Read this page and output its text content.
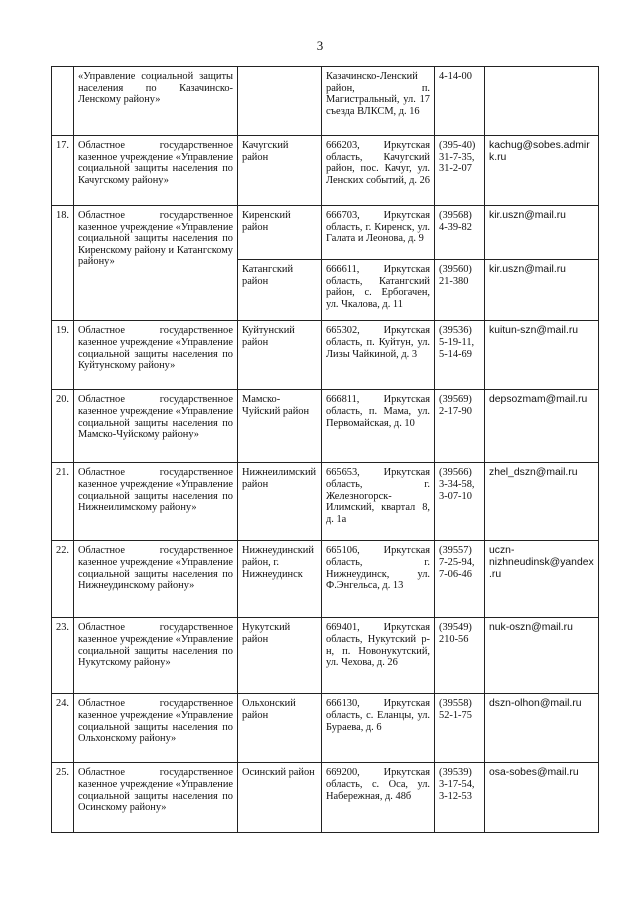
3
	«Управление социальной защиты населения по Казачинско-Ленскому району»		Казачинско-Ленский район, п. Магистральный, ул. 17 съезда ВЛКСМ, д. 16	4-14-00	
17.	Областное государственное казенное учреждение «Управление социальной защиты населения по Качугскому району»	Качугский район	666203, Иркутская область, Качугский район, пос. Качуг, ул. Ленских событий, д. 26	(395-40) 31-7-35, 31-2-07	kachug@sobes.admirk.ru
18.	Областное государственное казенное учреждение «Управление социальной защиты населения по Киренскому району и Катангскому району»	Киренский район	666703, Иркутская область, г. Киренск, ул. Галата и Леонова, д. 9	(39568) 4-39-82	kir.uszn@mail.ru
		Катангский район	666611, Иркутская область, Катангский район, с. Ербогачен, ул. Чкалова, д. 11	(39560) 21-380	kir.uszn@mail.ru
19.	Областное государственное казенное учреждение «Управление социальной защиты населения по Куйтунскому району»	Куйтунский район	665302, Иркутская область, п. Куйтун, ул. Лизы Чайкиной, д. 3	(39536) 5-19-11, 5-14-69	kuitun-szn@mail.ru
20.	Областное государственное казенное учреждение «Управление социальной защиты населения по Мамско-Чуйскому району»	Мамско-Чуйский район	666811, Иркутская область, п. Мама, ул. Первомайская, д. 10	(39569) 2-17-90	depsozmam@mail.ru
21.	Областное государственное казенное учреждение «Управление социальной защиты населения по Нижнеилимскому району»	Нижнеилимский район	665653, Иркутская область, г. Железногорск-Илимский, квартал 8, д. 1а	(39566) 3-34-58, 3-07-10	zhel_dszn@mail.ru
22.	Областное государственное казенное учреждение «Управление социальной защиты населения по Нижнеудинскому району»	Нижнеудинский район, г. Нижнеудинск	665106, Иркутская область, г. Нижнеудинск, ул. Ф.Энгельса, д. 13	(39557) 7-25-94, 7-06-46	uczn-nizhneudinsk@yandex.ru
23.	Областное государственное казенное учреждение «Управление социальной защиты населения по Нукутскому району»	Нукутский район	669401, Иркутская область, Нукутский р-н, п. Новонукутский, ул. Чехова, д. 26	(39549) 210-56	nuk-oszn@mail.ru
24.	Областное государственное казенное учреждение «Управление социальной защиты населения по Ольхонскому району»	Ольхонский район	666130, Иркутская область, с. Еланцы, ул. Бураева, д. 6	(39558) 52-1-75	dszn-olhon@mail.ru
25.	Областное государственное казенное учреждение «Управление социальной защиты населения по Осинскому району»	Осинский район	669200, Иркутская область, с. Оса, ул. Набережная, д. 48б	(39539) 3-17-54, 3-12-53	osa-sobes@mail.ru
